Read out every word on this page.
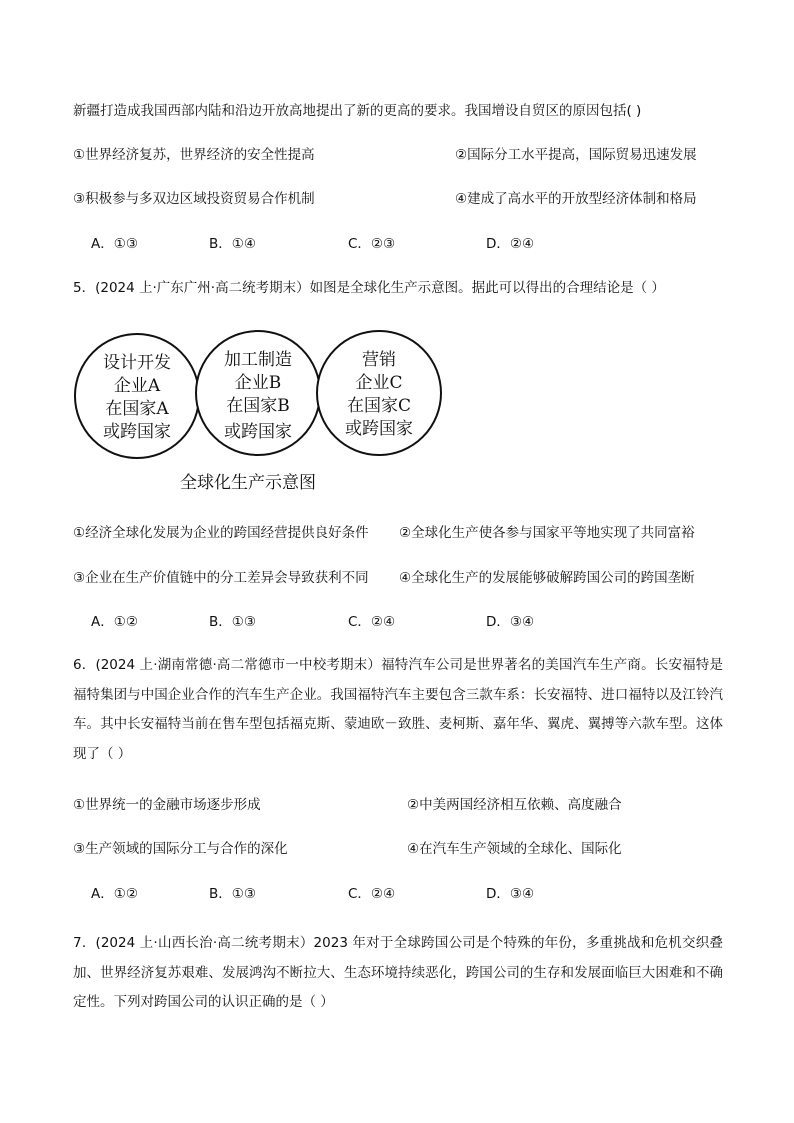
新疆打造成我国西部内陆和沿边开放高地提出了新的更高的要求。我国增设自贸区的原因包括( )
①世界经济复苏，世界经济的安全性提高	②国际分工水平提高，国际贸易迅速发展
③积极参与多双边区域投资贸易合作机制	④建成了高水平的开放型经济体制和格局
A．①③	B．①④	C．②③	D．②④
5．(2024 上·广东广州·高二统考期末）如图是全球化生产示意图。据此可以得出的合理结论是（ ）
设计开发
企业A
在国家A
或跨国家
加工制造
企业B
在国家B
或跨国家
营销
企业C
在国家C
或跨国家
全球化生产示意图
①经济全球化发展为企业的跨国经营提供良好条件 ②全球化生产使各参与国家平等地实现了共同富裕
③企业在生产价值链中的分工差异会导致获利不同 ④全球化生产的发展能够破解跨国公司的跨国垄断
A．①②	B．①③	C．②④	D．③④
6．(2024 上·湖南常德·高二常德市一中校考期末）福特汽车公司是世界著名的美国汽车生产商。长安福特是福特集团与中国企业合作的汽车生产企业。我国福特汽车主要包含三款车系：长安福特、进口福特以及江铃汽车。其中长安福特当前在售车型包括福克斯、蒙迪欧－致胜、麦柯斯、嘉年华、翼虎、翼搏等六款车型。这体现了（ ）
①世界统一的金融市场逐步形成	②中美两国经济相互依赖、高度融合
③生产领域的国际分工与合作的深化	④在汽车生产领域的全球化、国际化
A．①②	B．①③	C．②④	D．③④
7．(2024 上·山西长治·高二统考期末）2023 年对于全球跨国公司是个特殊的年份，多重挑战和危机交织叠加、世界经济复苏艰难、发展鸿沟不断拉大、生态环境持续恶化，跨国公司的生存和发展面临巨大困难和不确定性。下列对跨国公司的认识正确的是（ ）
